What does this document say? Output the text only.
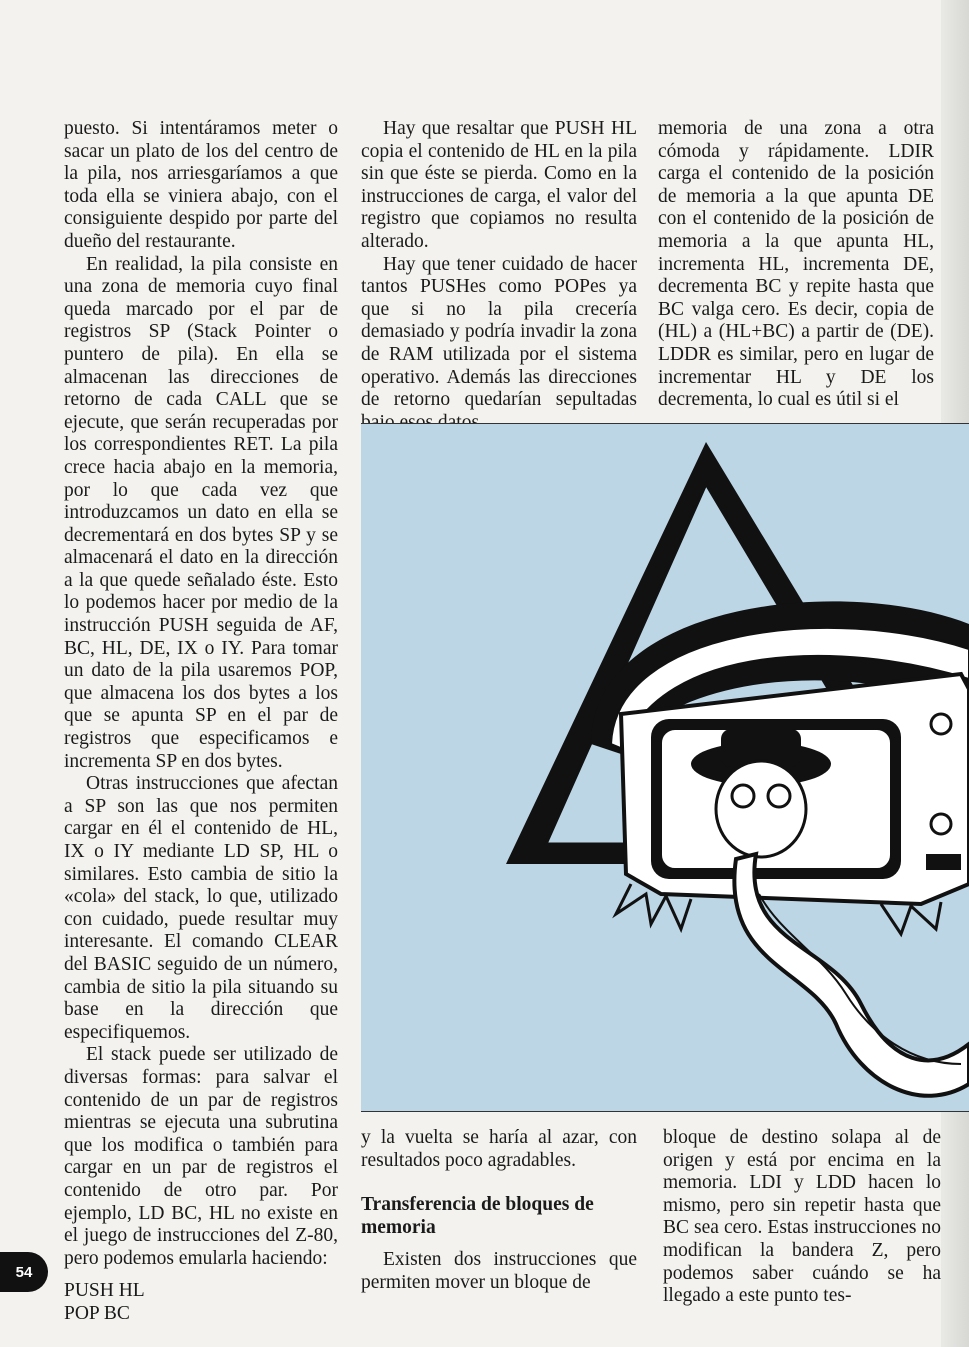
puesto. Si intentáramos meter o sacar un plato de los del centro de la pila, nos arriesgaríamos a que toda ella se viniera abajo, con el consiguiente despido por parte del dueño del restaurante.

En realidad, la pila consiste en una zona de memoria cuyo final queda marcado por el par de registros SP (Stack Pointer o puntero de pila). En ella se almacenan las direcciones de retorno de cada CALL que se ejecute, que serán recuperadas por los correspondientes RET. La pila crece hacia abajo en la memoria, por lo que cada vez que introduzcamos un dato en ella se decrementará en dos bytes SP y se almacenará el dato en la dirección a la que quede señalado éste. Esto lo podemos hacer por medio de la instrucción PUSH seguida de AF, BC, HL, DE, IX o IY. Para tomar un dato de la pila usaremos POP, que almacena los dos bytes a los que se apunta SP en el par de registros que especificamos e incrementa SP en dos bytes.

Otras instrucciones que afectan a SP son las que nos permiten cargar en él el contenido de HL, IX o IY mediante LD SP, HL o similares. Esto cambia de sitio la «cola» del stack, lo que, utilizado con cuidado, puede resultar muy interesante. El comando CLEAR del BASIC seguido de un número, cambia de sitio la pila situando su base en la dirección que especifiquemos.

El stack puede ser utilizado de diversas formas: para salvar el contenido de un par de registros mientras se ejecuta una subrutina que los modifica o también para cargar en un par de registros el contenido de otro par. Por ejemplo, LD BC, HL no existe en el juego de instrucciones del Z-80, pero podemos emularla haciendo:

PUSH HL

POP BC

Hay que resaltar que PUSH HL copia el contenido de HL en la pila sin que éste se pierda. Como en la instrucciones de carga, el valor del registro que copiamos no resulta alterado.

Hay que tener cuidado de hacer tantos PUSHes como POPes ya que si no la pila crecería demasiado y podría invadir la zona de RAM utilizada por el sistema operativo. Además las direcciones de retorno quedarían sepultadas

memoria de una zona a otra cómoda y rápidamente. LDIR carga el contenido de la posición de memoria a la que apunta DE con el contenido de la posición de memoria a la que apunta HL, incrementa HL, incrementa DE, decrementa BC y repite hasta que BC valga cero. Es decir, copia de (HL) a (HL+BC) a partir de (DE). LDDR es similar, pero en lugar de incrementar HL y DE los decrementa, lo cual es útil si el

y la vuelta se haría al azar, con resultados poco agradables.

Transferencia de bloques de memoria

Existen dos instrucciones que permiten mover un bloque de

bloque de destino solapa al de origen y está por encima en la memoria. LDI y LDD hacen lo mismo, pero sin repetir hasta que BC sea cero. Estas instrucciones no modifican la bandera Z, pero podemos saber cuándo se ha llegado a este punto tes-

54
